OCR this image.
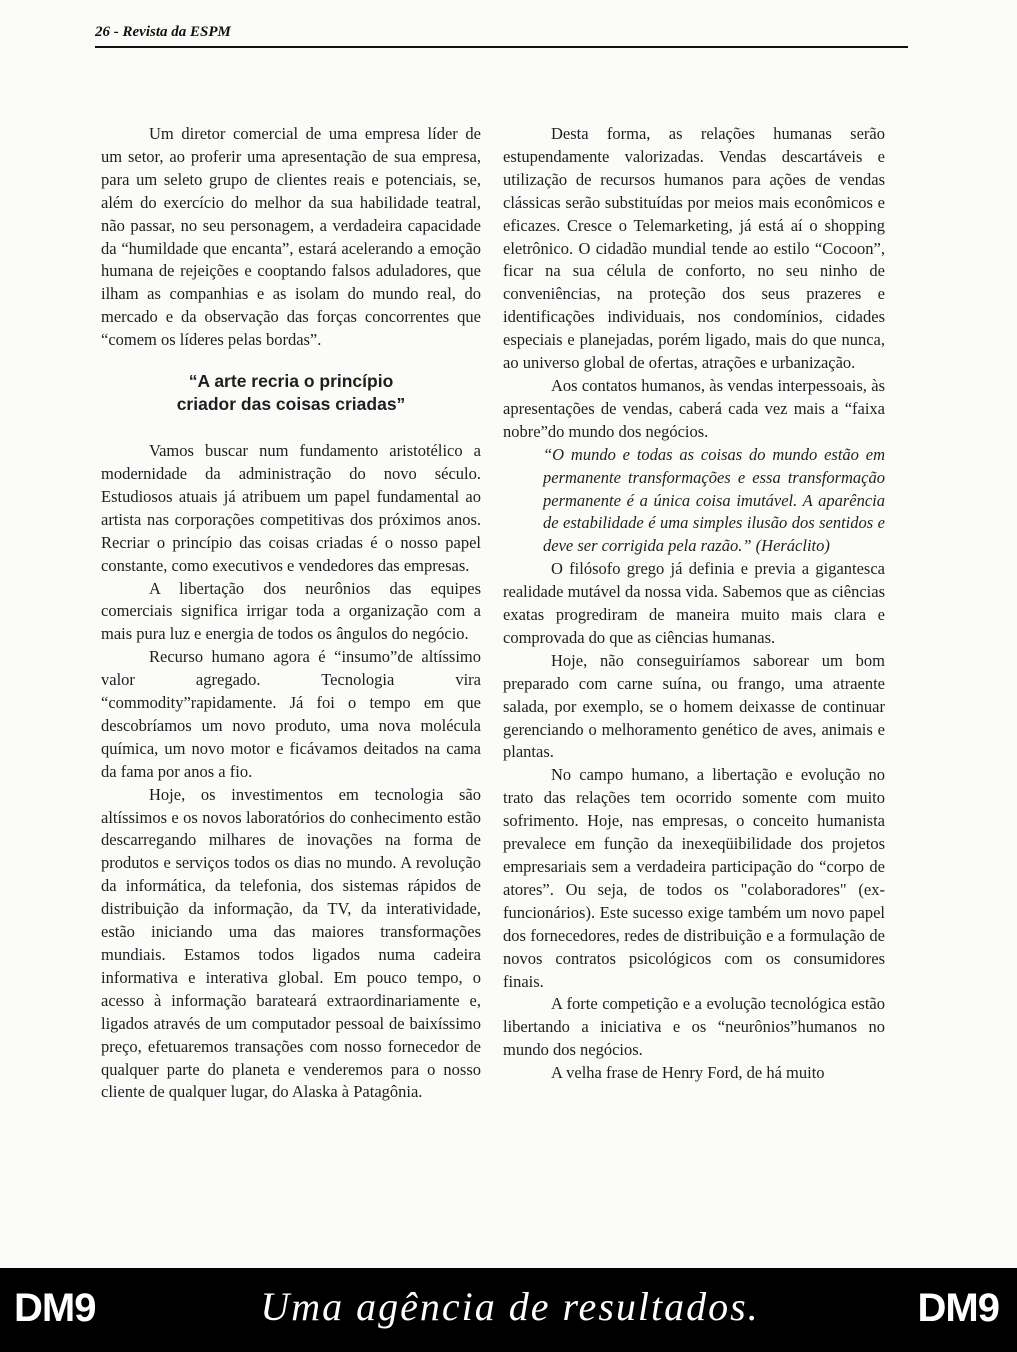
26 - Revista da ESPM

Um diretor comercial de uma empresa líder de um setor, ao proferir uma apresentação de sua empresa, para um seleto grupo de clientes reais e potenciais, se, além do exercício do melhor da sua habilidade teatral, não passar, no seu personagem, a verdadeira capacidade da “humildade que encanta”, estará acelerando a emoção humana de rejeições e cooptando falsos aduladores, que ilham as companhias e as isolam do mundo real, do mercado e da observação das forças concorrentes que “comem os líderes pelas bordas”.

“A arte recria o princípio
criador das coisas criadas”

Vamos buscar num fundamento aristotélico a modernidade da administração do novo século. Estudiosos atuais já atribuem um papel fundamental ao artista nas corporações competitivas dos próximos anos. Recriar o princípio das coisas criadas é o nosso papel constante, como executivos e vendedores das empresas.

A libertação dos neurônios das equipes comerciais significa irrigar toda a organização com a mais pura luz e energia de todos os ângulos do negócio.

Recurso humano agora é “insumo”de altíssimo valor agregado. Tecnologia vira “commodity”rapidamente. Já foi o tempo em que descobríamos um novo produto, uma nova molécula química, um novo motor e ficávamos deitados na cama da fama por anos a fio.

Hoje, os investimentos em tecnologia são altíssimos e os novos laboratórios do conhecimento estão descarregando milhares de inovações na forma de produtos e serviços todos os dias no mundo. A revolução da informática, da telefonia, dos sistemas rápidos de distribuição da informação, da TV, da interatividade, estão iniciando uma das maiores transformações mundiais. Estamos todos ligados numa cadeira informativa e interativa global. Em pouco tempo, o acesso à informação barateará extraordinariamente e, ligados através de um computador pessoal de baixíssimo preço, efetuaremos transações com nosso fornecedor de qualquer parte do planeta e venderemos para o nosso cliente de qualquer lugar, do Alaska à Patagônia.

Desta forma, as relações humanas serão estupendamente valorizadas. Vendas descartáveis e utilização de recursos humanos para ações de vendas clássicas serão substituídas por meios mais econômicos e eficazes. Cresce o Telemarketing, já está aí o shopping eletrônico. O cidadão mundial tende ao estilo “Cocoon”, ficar na sua célula de conforto, no seu ninho de conveniências, na proteção dos seus prazeres e identificações individuais, nos condomínios, cidades especiais e planejadas, porém ligado, mais do que nunca, ao universo global de ofertas, atrações e urbanização.

Aos contatos humanos, às vendas interpessoais, às apresentações de vendas, caberá cada vez mais a “faixa nobre”do mundo dos negócios.

“O mundo e todas as coisas do mundo estão em permanente transformações e essa transformação permanente é a única coisa imutável. A aparência de estabilidade é uma simples ilusão dos sentidos e deve ser corrigida pela razão.” (Heráclito)

O filósofo grego já definia e previa a gigantesca realidade mutável da nossa vida. Sabemos que as ciências exatas progrediram de maneira muito mais clara e comprovada do que as ciências humanas.

Hoje, não conseguiríamos saborear um bom preparado com carne suína, ou frango, uma atraente salada, por exemplo, se o homem deixasse de continuar gerenciando o melhoramento genético de aves, animais e plantas.

No campo humano, a libertação e evolução no trato das relações tem ocorrido somente com muito sofrimento. Hoje, nas empresas, o conceito humanista prevalece em função da inexeqüibilidade dos projetos empresariais sem a verdadeira participação do “corpo de atores”. Ou seja, de todos os "colaboradores" (ex-funcionários). Este sucesso exige também um novo papel dos fornecedores, redes de distribuição e a formulação de novos contratos psicológicos com os consumidores finais.

A forte competição e a evolução tecnológica estão libertando a iniciativa e os “neurônios”humanos no mundo dos negócios.

A velha frase de Henry Ford, de há muito

DM9	Uma agência de resultados.	DM9
